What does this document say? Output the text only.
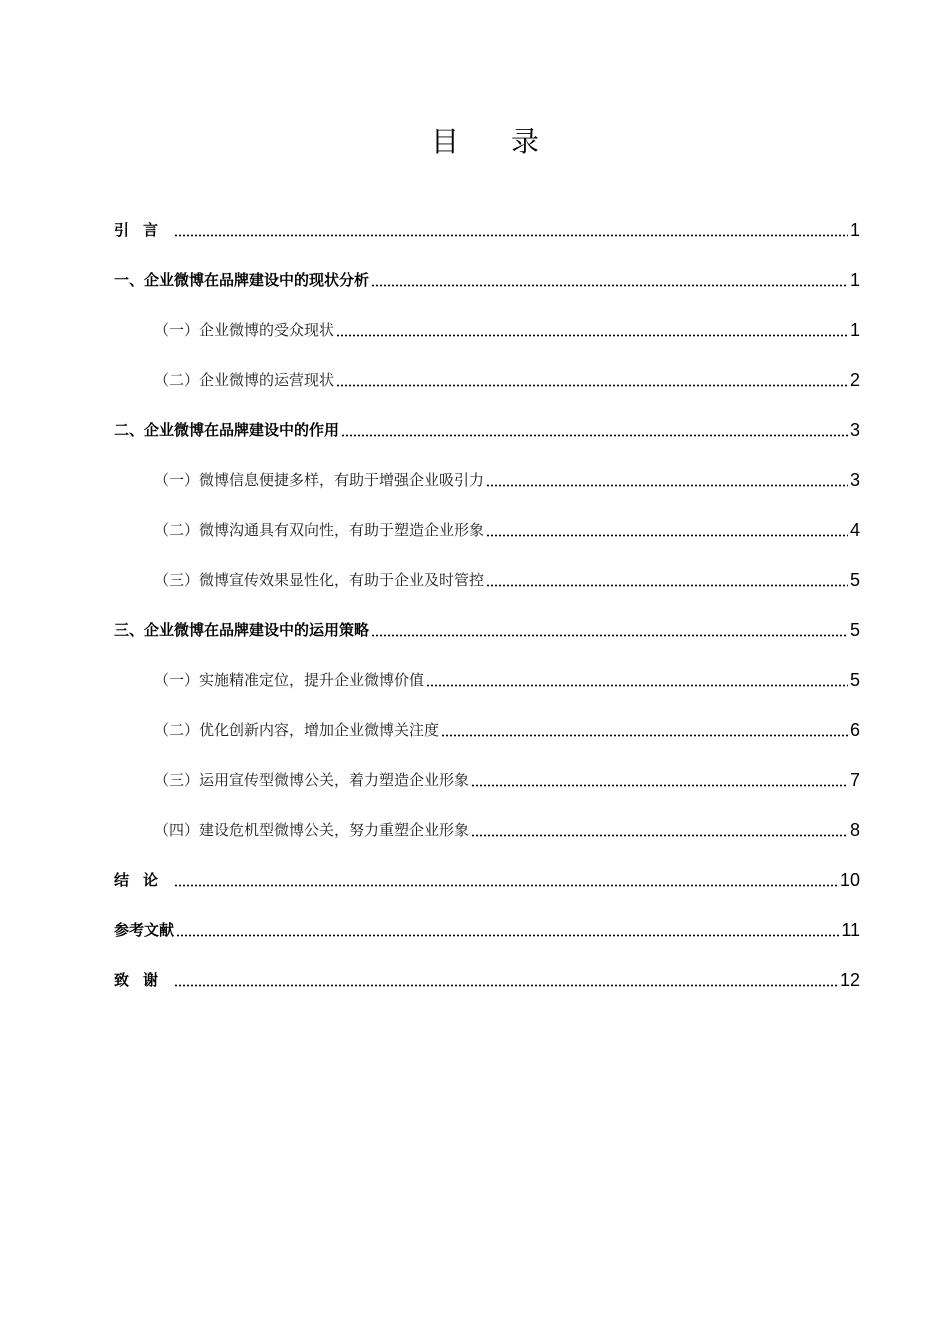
目 录
引言	1
一、企业微博在品牌建设中的现状分析	1
（一）企业微博的受众现状	1
（二）企业微博的运营现状	2
二、企业微博在品牌建设中的作用	3
（一）微博信息便捷多样，有助于增强企业吸引力	3
（二）微博沟通具有双向性，有助于塑造企业形象	4
（三）微博宣传效果显性化，有助于企业及时管控	5
三、企业微博在品牌建设中的运用策略	5
（一）实施精准定位，提升企业微博价值	5
（二）优化创新内容，增加企业微博关注度	6
（三）运用宣传型微博公关，着力塑造企业形象	7
（四）建设危机型微博公关，努力重塑企业形象	8
结论	10
参考文献	11
致谢	12
